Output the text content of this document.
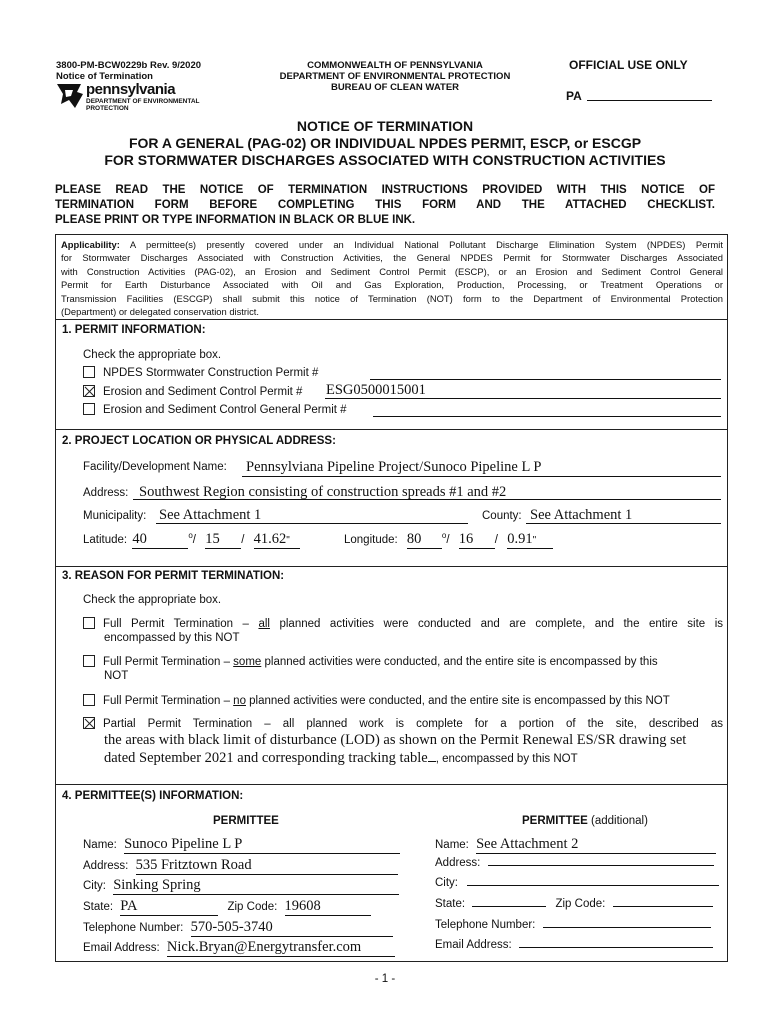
3800-PM-BCW0229b Rev. 9/2020
Notice of Termination
pennsylvania
DEPARTMENT OF ENVIRONMENTAL
PROTECTION
COMMONWEALTH OF PENNSYLVANIA
DEPARTMENT OF ENVIRONMENTAL PROTECTION
BUREAU OF CLEAN WATER
OFFICIAL USE ONLY
PA
NOTICE OF TERMINATION
FOR A GENERAL (PAG-02) OR INDIVIDUAL NPDES PERMIT, ESCP, or ESCGP
FOR STORMWATER DISCHARGES ASSOCIATED WITH CONSTRUCTION ACTIVITIES
PLEASE READ THE NOTICE OF TERMINATION INSTRUCTIONS PROVIDED WITH THIS NOTICE OF
TERMINATION FORM BEFORE COMPLETING THIS FORM AND THE ATTACHED CHECKLIST.
PLEASE PRINT OR TYPE INFORMATION IN BLACK OR BLUE INK.
Applicability: A permittee(s) presently covered under an Individual National Pollutant Discharge Elimination System (NPDES) Permit
for Stormwater Discharges Associated with Construction Activities, the General NPDES Permit for Stormwater Discharges Associated
with Construction Activities (PAG-02), an Erosion and Sediment Control Permit (ESCP), or an Erosion and Sediment Control General
Permit for Earth Disturbance Associated with Oil and Gas Exploration, Production, Processing, or Treatment Operations or
Transmission Facilities (ESCGP) shall submit this notice of Termination (NOT) form to the Department of Environmental Protection
(Department) or delegated conservation district.
1. PERMIT INFORMATION:
Check the appropriate box.
NPDES Stormwater Construction Permit #
Erosion and Sediment Control Permit # ESG0500015001
Erosion and Sediment Control General Permit #
2. PROJECT LOCATION OR PHYSICAL ADDRESS:
Facility/Development Name: Pennsylviana Pipeline Project/Sunoco Pipeline L P
Address: Southwest Region consisting of construction spreads #1 and #2
Municipality: See Attachment 1	County: See Attachment 1
Latitude: 40	$^o$/ 15 / 41.62"	Longitude: 80	$^o$/ 16 / 0.91"
3. REASON FOR PERMIT TERMINATION:
Check the appropriate box.
Full Permit Termination – all planned activities were conducted and are complete, and the entire site is
encompassed by this NOT
Full Permit Termination – some planned activities were conducted, and the entire site is encompassed by this
NOT
Full Permit Termination – no planned activities were conducted, and the entire site is encompassed by this NOT
Partial Permit Termination – all planned work is complete for a portion of the site, described as
the areas with black limit of disturbance (LOD) as shown on the Permit Renewal ES/SR drawing set
dated September 2021 and corresponding tracking table , encompassed by this NOT
4. PERMITTEE(S) INFORMATION:
PERMITTEE	PERMITTEE (additional)
Name: Sunoco Pipeline L P
Address: 535 Fritztown Road
City: Sinking Spring
State: PA	Zip Code: 19608
Telephone Number: 570-505-3740
Email Address: Nick.Bryan@Energytransfer.com
Name: See Attachment 2
Address:
City:
State:	Zip Code:
Telephone Number:
Email Address:
- 1 -
